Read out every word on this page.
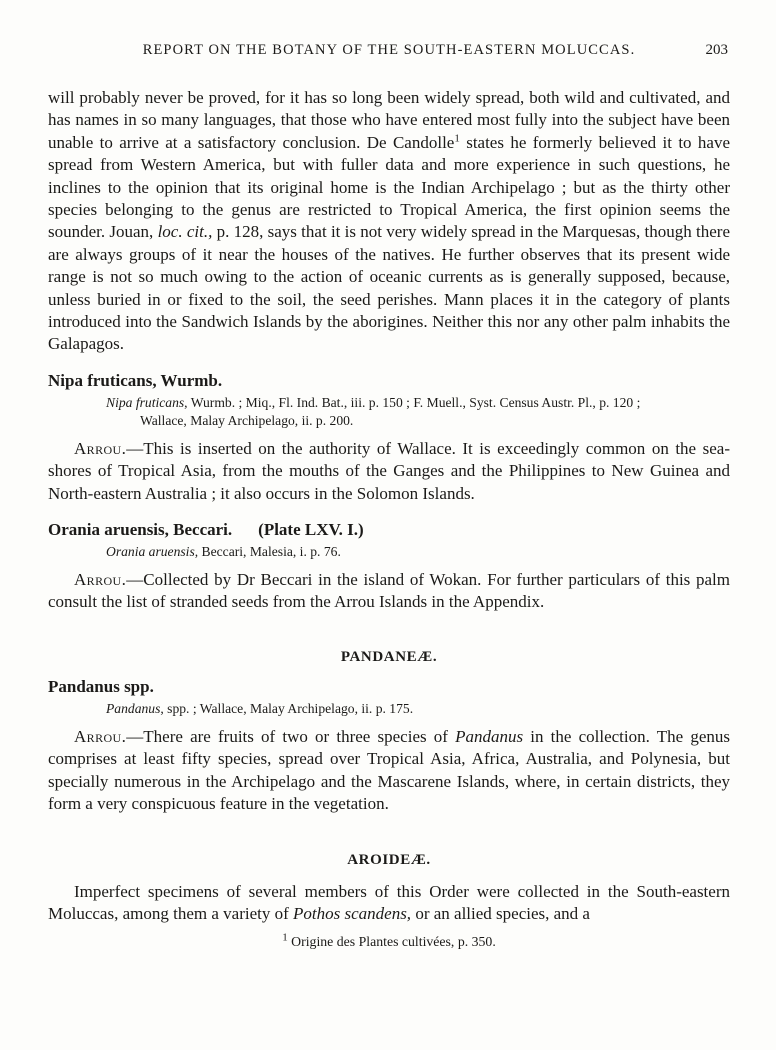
REPORT ON THE BOTANY OF THE SOUTH-EASTERN MOLUCCAS.	203

will probably never be proved, for it has so long been widely spread, both wild and cultivated, and has names in so many languages, that those who have entered most fully into the subject have been unable to arrive at a satisfactory conclusion. De Candolle$^1$ states he formerly believed it to have spread from Western America, but with fuller data and more experience in such questions, he inclines to the opinion that its original home is the Indian Archipelago ; but as the thirty other species belonging to the genus are restricted to Tropical America, the first opinion seems the sounder. Jouan, loc. cit., p. 128, says that it is not very widely spread in the Marquesas, though there are always groups of it near the houses of the natives. He further observes that its present wide range is not so much owing to the action of oceanic currents as is generally supposed, because, unless buried in or fixed to the soil, the seed perishes. Mann places it in the category of plants introduced into the Sandwich Islands by the aborigines. Neither this nor any other palm inhabits the Galapagos.

Nipa fruticans, Wurmb.
Nipa fruticans, Wurmb. ; Miq., Fl. Ind. Bat., iii. p. 150 ; F. Muell., Syst. Census Austr. Pl., p. 120 ;
Wallace, Malay Archipelago, ii. p. 200.

Arrou.—This is inserted on the authority of Wallace. It is exceedingly common on the sea-shores of Tropical Asia, from the mouths of the Ganges and the Philippines to New Guinea and North-eastern Australia ; it also occurs in the Solomon Islands.

Orania aruensis, Beccari. (Plate LXV. I.)
Orania aruensis, Beccari, Malesia, i. p. 76.

Arrou.—Collected by Dr Beccari in the island of Wokan. For further particulars of this palm consult the list of stranded seeds from the Arrou Islands in the Appendix.

PANDANEÆ.
Pandanus spp.
Pandanus, spp. ; Wallace, Malay Archipelago, ii. p. 175.

Arrou.—There are fruits of two or three species of Pandanus in the collection. The genus comprises at least fifty species, spread over Tropical Asia, Africa, Australia, and Polynesia, but specially numerous in the Archipelago and the Mascarene Islands, where, in certain districts, they form a very conspicuous feature in the vegetation.

AROIDEÆ.

Imperfect specimens of several members of this Order were collected in the South-eastern Moluccas, among them a variety of Pothos scandens, or an allied species, and a

$^1$ Origine des Plantes cultivées, p. 350.
